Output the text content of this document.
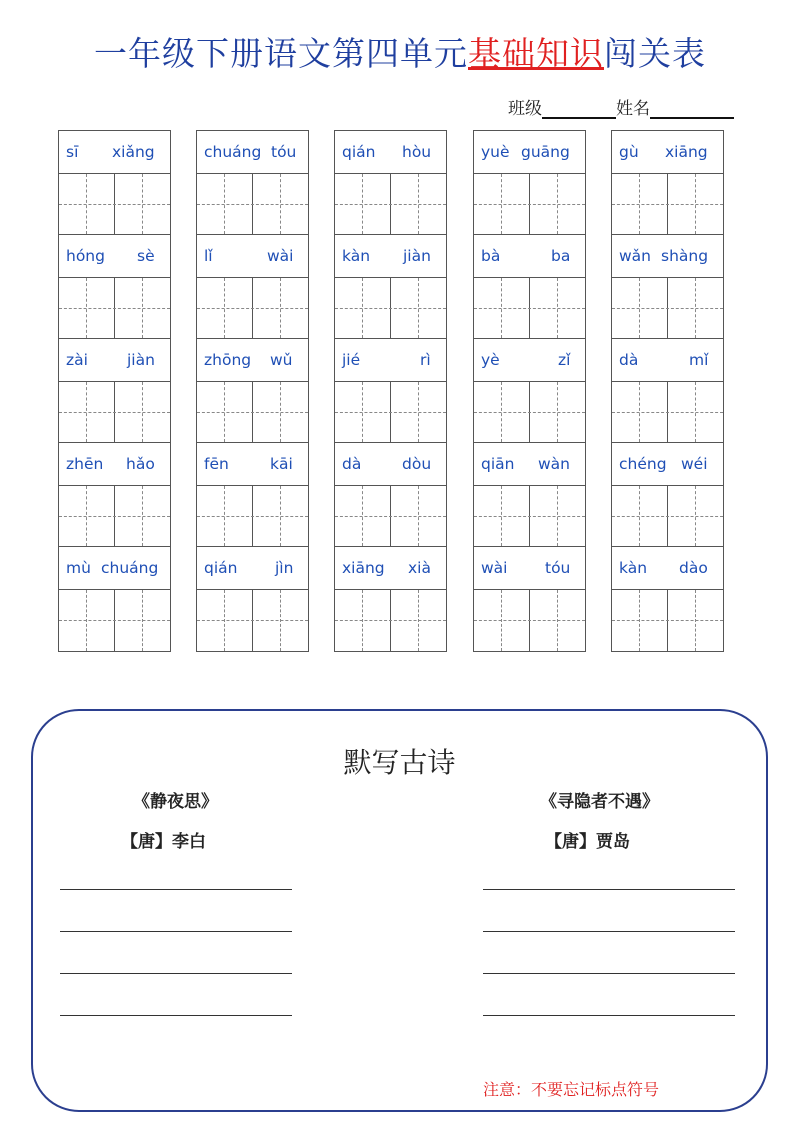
一年级下册语文第四单元基础知识闯关表
班级	姓名
sī xiǎng
hóng sè
zài	jiàn
zhēn hǎo
mù chuáng
chuáng tóu
lǐ	wài
zhōng wǔ
fēn	kāi
qián jìn
qián hòu
kàn jiàn
jié	rì
dà	dòu
xiāng xià
yuè guāng
bà	ba
yè	zǐ
qiān wàn
wài tóu
gù xiāng
wǎn shàng
dà	mǐ
chéng wéi
kàn dào
默写古诗
《静夜思》
【唐】李白
《寻隐者不遇》
【唐】贾岛
注意：不要忘记标点符号
